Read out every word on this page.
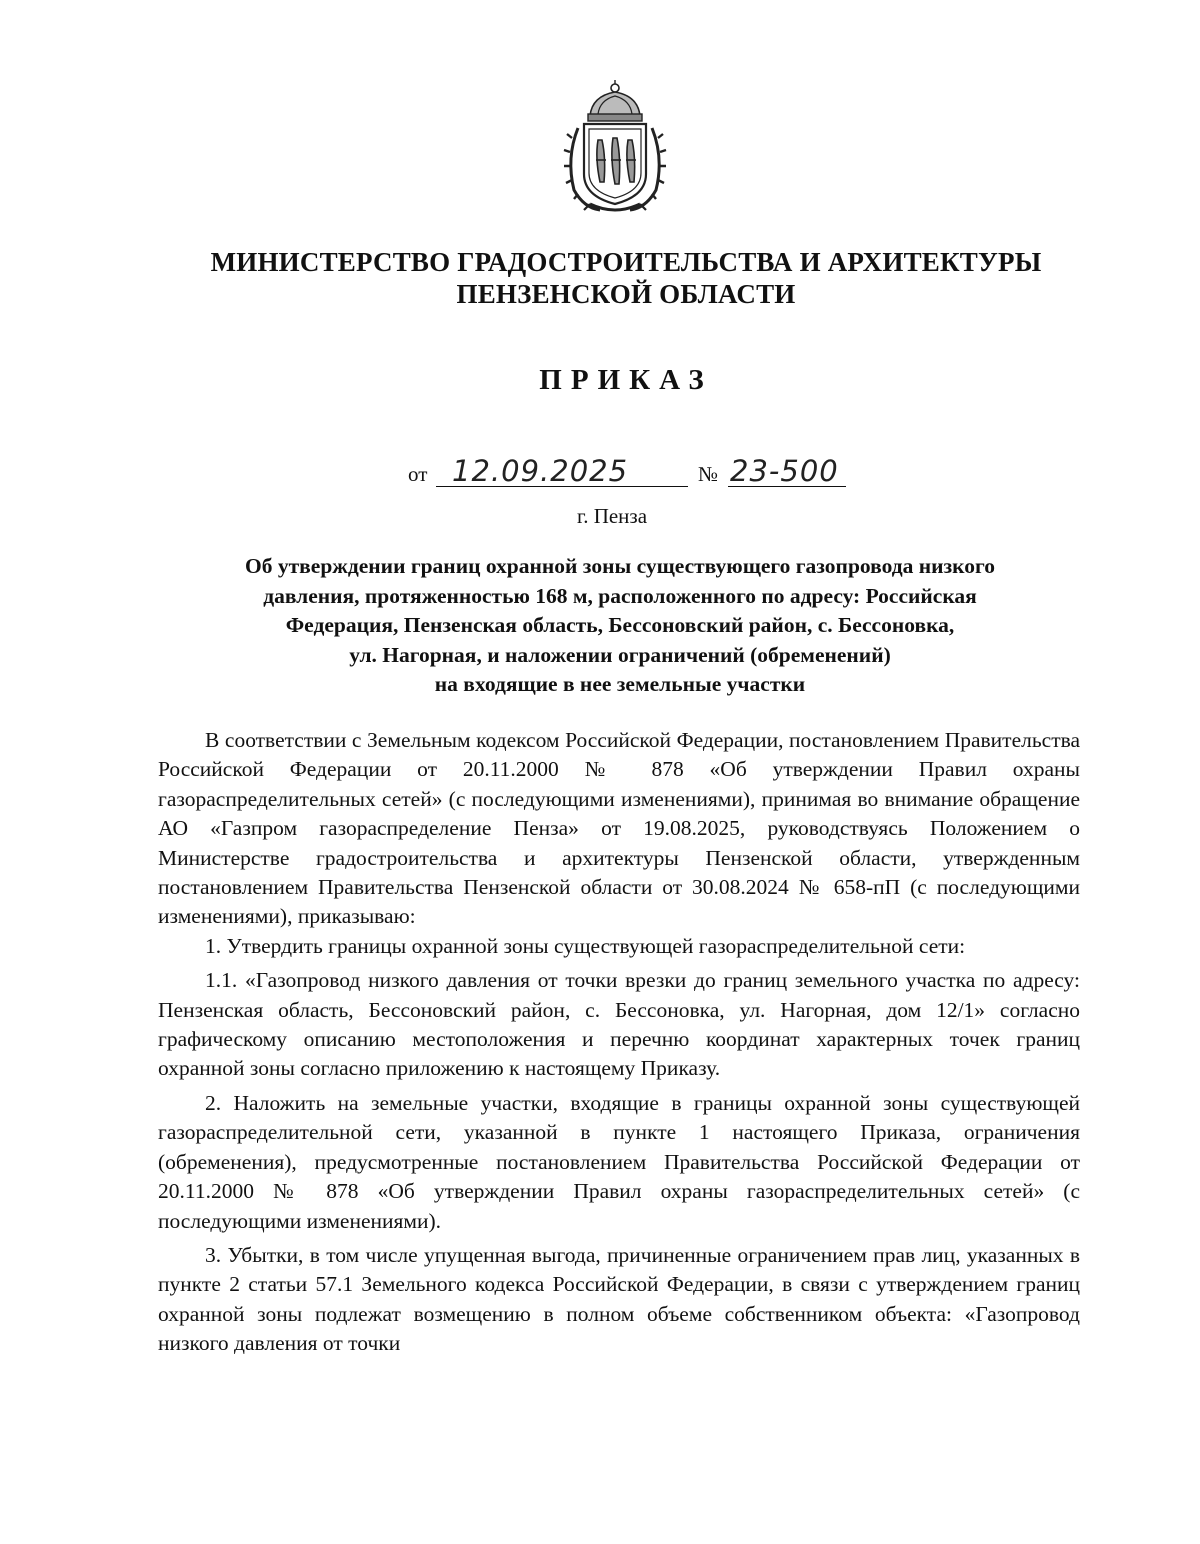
МИНИСТЕРСТВО ГРАДОСТРОИТЕЛЬСТВА И АРХИТЕКТУРЫ
ПЕНЗЕНСКОЙ ОБЛАСТИ
ПРИКАЗ
от 12.09.2025	№ 23-500
г. Пенза
Об утверждении границ охранной зоны существующего газопровода низкого
давления, протяженностью 168 м, расположенного по адресу: Российская
Федерация, Пензенская область, Бессоновский район, с. Бессоновка,
ул. Нагорная, и наложении ограничений (обременений)
на входящие в нее земельные участки

В соответствии с Земельным кодексом Российской Федерации, постановлением Правительства Российской Федерации от 20.11.2000 № 878 «Об утверждении Правил охраны газораспределительных сетей» (с последующими изменениями), принимая во внимание обращение АО «Газпром газораспределение Пенза» от 19.08.2025, руководствуясь Положением о Министерстве градостроительства и архитектуры Пензенской области, утвержденным постановлением Правительства Пензенской области от 30.08.2024 № 658-пП (с последующими изменениями), приказываю:

1. Утвердить границы охранной зоны существующей газораспределительной сети:

1.1. «Газопровод низкого давления от точки врезки до границ земельного участка по адресу: Пензенская область, Бессоновский район, с. Бессоновка, ул. Нагорная, дом 12/1» согласно графическому описанию местоположения и перечню координат характерных точек границ охранной зоны согласно приложению к настоящему Приказу.

2. Наложить на земельные участки, входящие в границы охранной зоны существующей газораспределительной сети, указанной в пункте 1 настоящего Приказа, ограничения (обременения), предусмотренные постановлением Правительства Российской Федерации от 20.11.2000 № 878 «Об утверждении Правил охраны газораспределительных сетей» (с последующими изменениями).

3. Убытки, в том числе упущенная выгода, причиненные ограничением прав лиц, указанных в пункте 2 статьи 57.1 Земельного кодекса Российской Федерации, в связи с утверждением границ охранной зоны подлежат возмещению в полном объеме собственником объекта: «Газопровод низкого давления от точки
